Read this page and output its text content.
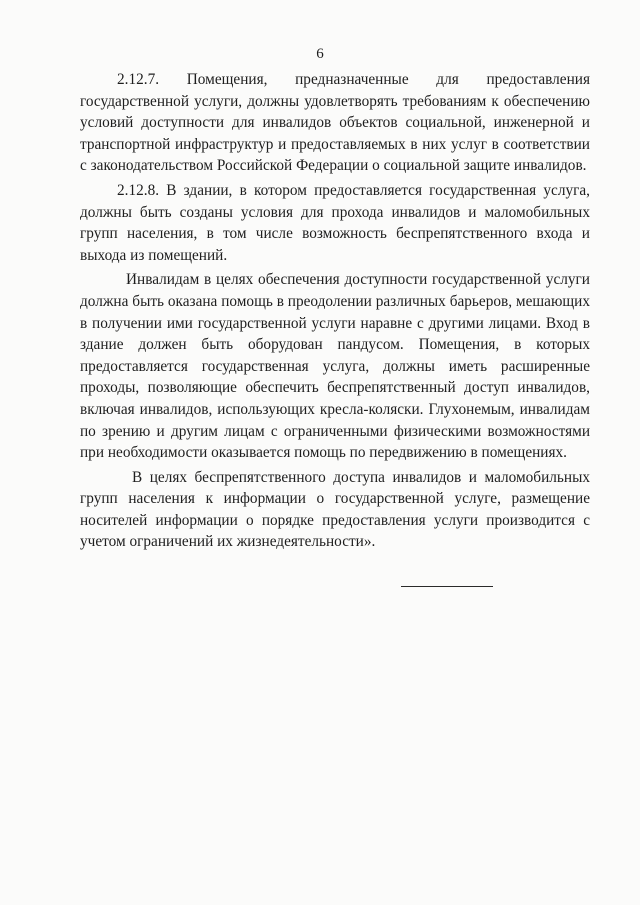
6

2.12.7. Помещения, предназначенные для предоставления государственной услуги, должны удовлетворять требованиям к обеспечению условий доступности для инвалидов объектов социальной, инженерной и транспортной инфраструктур и предоставляемых в них услуг в соответствии с законодательством Российской Федерации о социальной защите инвалидов.

2.12.8. В здании, в котором предоставляется государственная услуга, должны быть созданы условия для прохода инвалидов и маломобильных групп населения, в том числе возможность беспрепятственного входа и выхода из помещений.

Инвалидам в целях обеспечения доступности государственной услуги должна быть оказана помощь в преодолении различных барьеров, мешающих в получении ими государственной услуги наравне с другими лицами. Вход в здание должен быть оборудован пандусом. Помещения, в которых предоставляется государственная услуга, должны иметь расширенные проходы, позволяющие обеспечить беспрепятственный доступ инвалидов, включая инвалидов, использующих кресла-коляски. Глухонемым, инвалидам по зрению и другим лицам с ограниченными физическими возможностями при необходимости оказывается помощь по передвижению в помещениях.

В целях беспрепятственного доступа инвалидов и маломобильных групп населения к информации о государственной услуге, размещение носителей информации о порядке предоставления услуги производится с учетом ограничений их жизнедеятельности».
